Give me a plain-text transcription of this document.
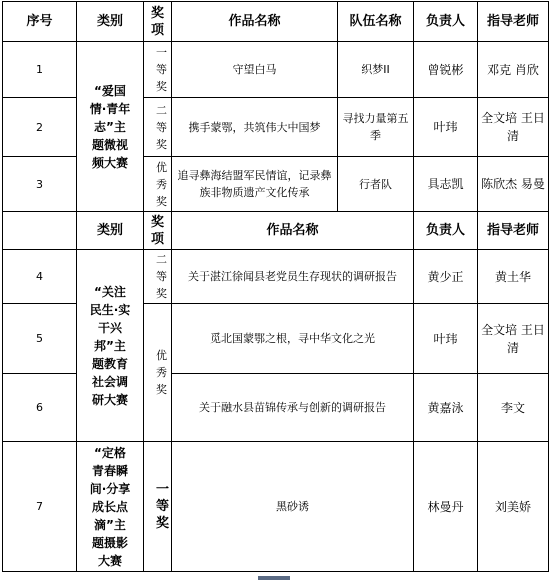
序号	类别	奖项	作品名称	队伍名称	负责人	指导老师
1	“爱国情·青年志”主题微视频大赛	一等奖	守望白马	织梦II	曾锐彬	邓克 肖欣
2		二等奖	携手蒙鄂，共筑伟大中国梦	寻找力量第五季	叶玮	全文培 王日清
3		优秀奖	追寻彝海结盟军民情谊，记录彝族非物质遗产文化传承	行者队	具志凯	陈欣杰 易曼
	类别	奖项	作品名称		负责人	指导老师
4	“关注民生·实干兴邦”主题教育社会调研大赛	二等奖	关于湛江徐闻县老党员生存现状的调研报告		黄少正	黄土华
5		优秀奖	觅北国蒙鄂之根，寻中华文化之光		叶玮	全文培 王日清
6			关于融水县苗锦传承与创新的调研报告		黄嘉泳	李文
7	“定格青春瞬间·分享成长点滴”主题摄影大赛	一等奖	黑砂诱		林曼丹	刘美娇
